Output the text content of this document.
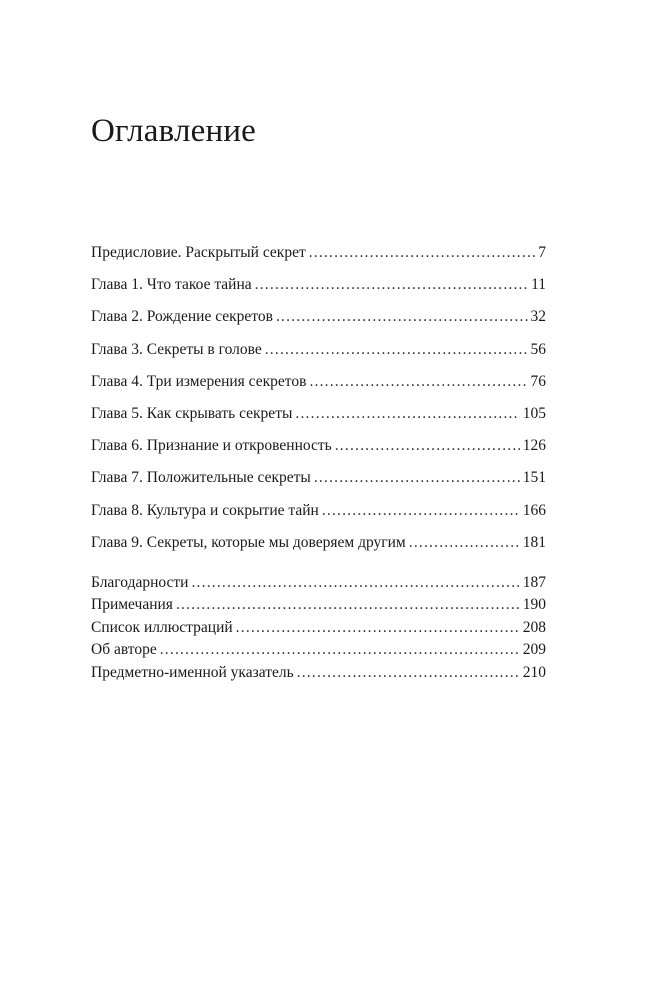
Оглавление
Предисловие. Раскрытый секрет .....	7
Глава 1. Что такое тайна .....	11
Глава 2. Рождение секретов .....	32
Глава 3. Секреты в голове .....	56
Глава 4. Три измерения секретов .....	76
Глава 5. Как скрывать секреты .....	105
Глава 6. Признание и откровенность .....	126
Глава 7. Положительные секреты .....	151
Глава 8. Культура и сокрытие тайн .....	166
Глава 9. Секреты, которые мы доверяем другим .....	181
Благодарности .....	187
Примечания .....	190
Список иллюстраций .....	208
Об авторе .....	209
Предметно-именной указатель .....	210
